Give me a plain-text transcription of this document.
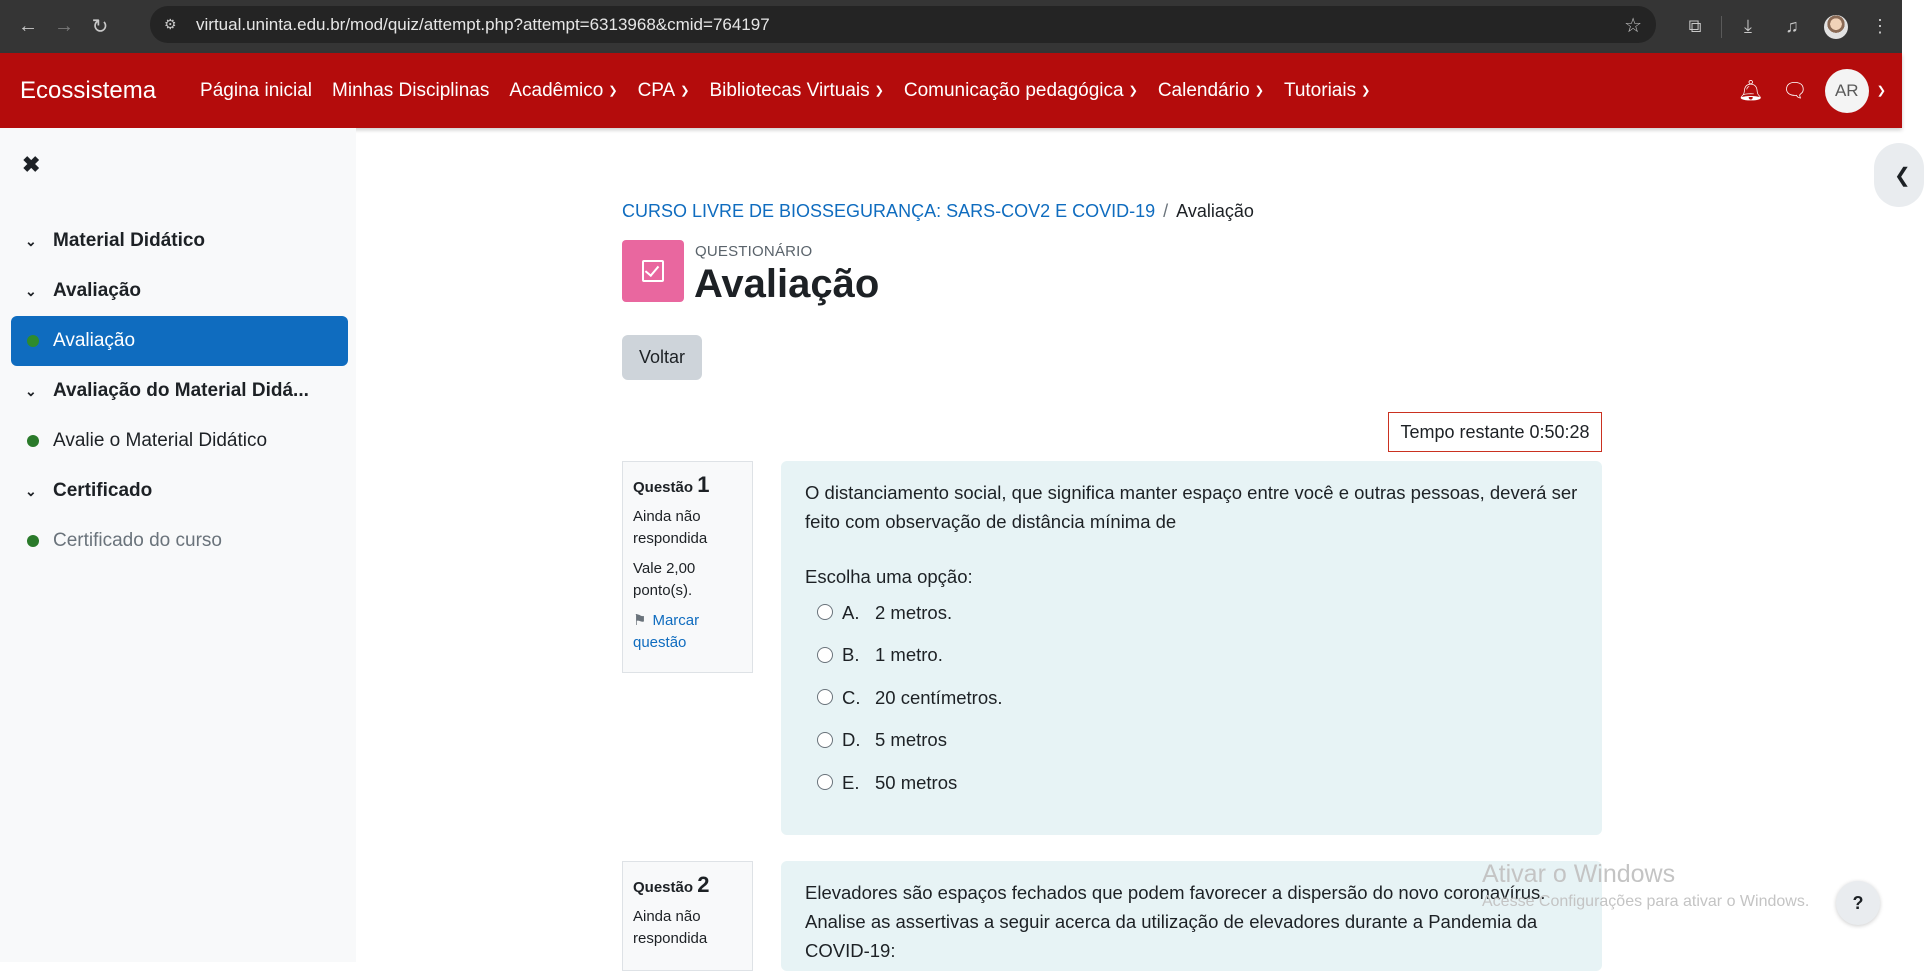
← → ↻	⚙	virtual.uninta.edu.br/mod/quiz/attempt.php?attempt=6313968&cmid=764197	☆	⧉	⤓	♫	⋮
Ecossistema Página inicial Minhas Disciplinas Acadêmico ❯ CPA ❯ Bibliotecas Virtuais ❯ Comunicação pedagógica ❯ Calendário ❯ Tutoriais ❯	🔔︎ 🗨︎	AR	❯
✖
⌄ Material Didático
⌄ Avaliação
Avaliação
⌄ Avaliação do Material Didá...
Avalie o Material Didático
⌄ Certificado
Certificado do curso
CURSO LIVRE DE BIOSSEGURANÇA: SARS-COV2 E COVID-19 / Avaliação
QUESTIONÁRIO
Avaliação
Voltar
Tempo restante 0:50:28
Questão 1
Ainda não respondida
Vale 2,00 ponto(s).
⚑︎ Marcar questão
O distanciamento social, que significa manter espaço entre você e outras pessoas, deverá ser feito com observação de distância mínima de
Escolha uma opção:
A. 2 metros.
B. 1 metro.
C. 20 centímetros.
D. 5 metros
E. 50 metros
Questão 2
Ainda não respondida
Elevadores são espaços fechados que podem favorecer a dispersão do novo coronavírus. Analise as assertivas a seguir acerca da utilização de elevadores durante a Pandemia da COVID-19:
❮
Ativar o Windows
Acesse Configurações para ativar o Windows.	?
